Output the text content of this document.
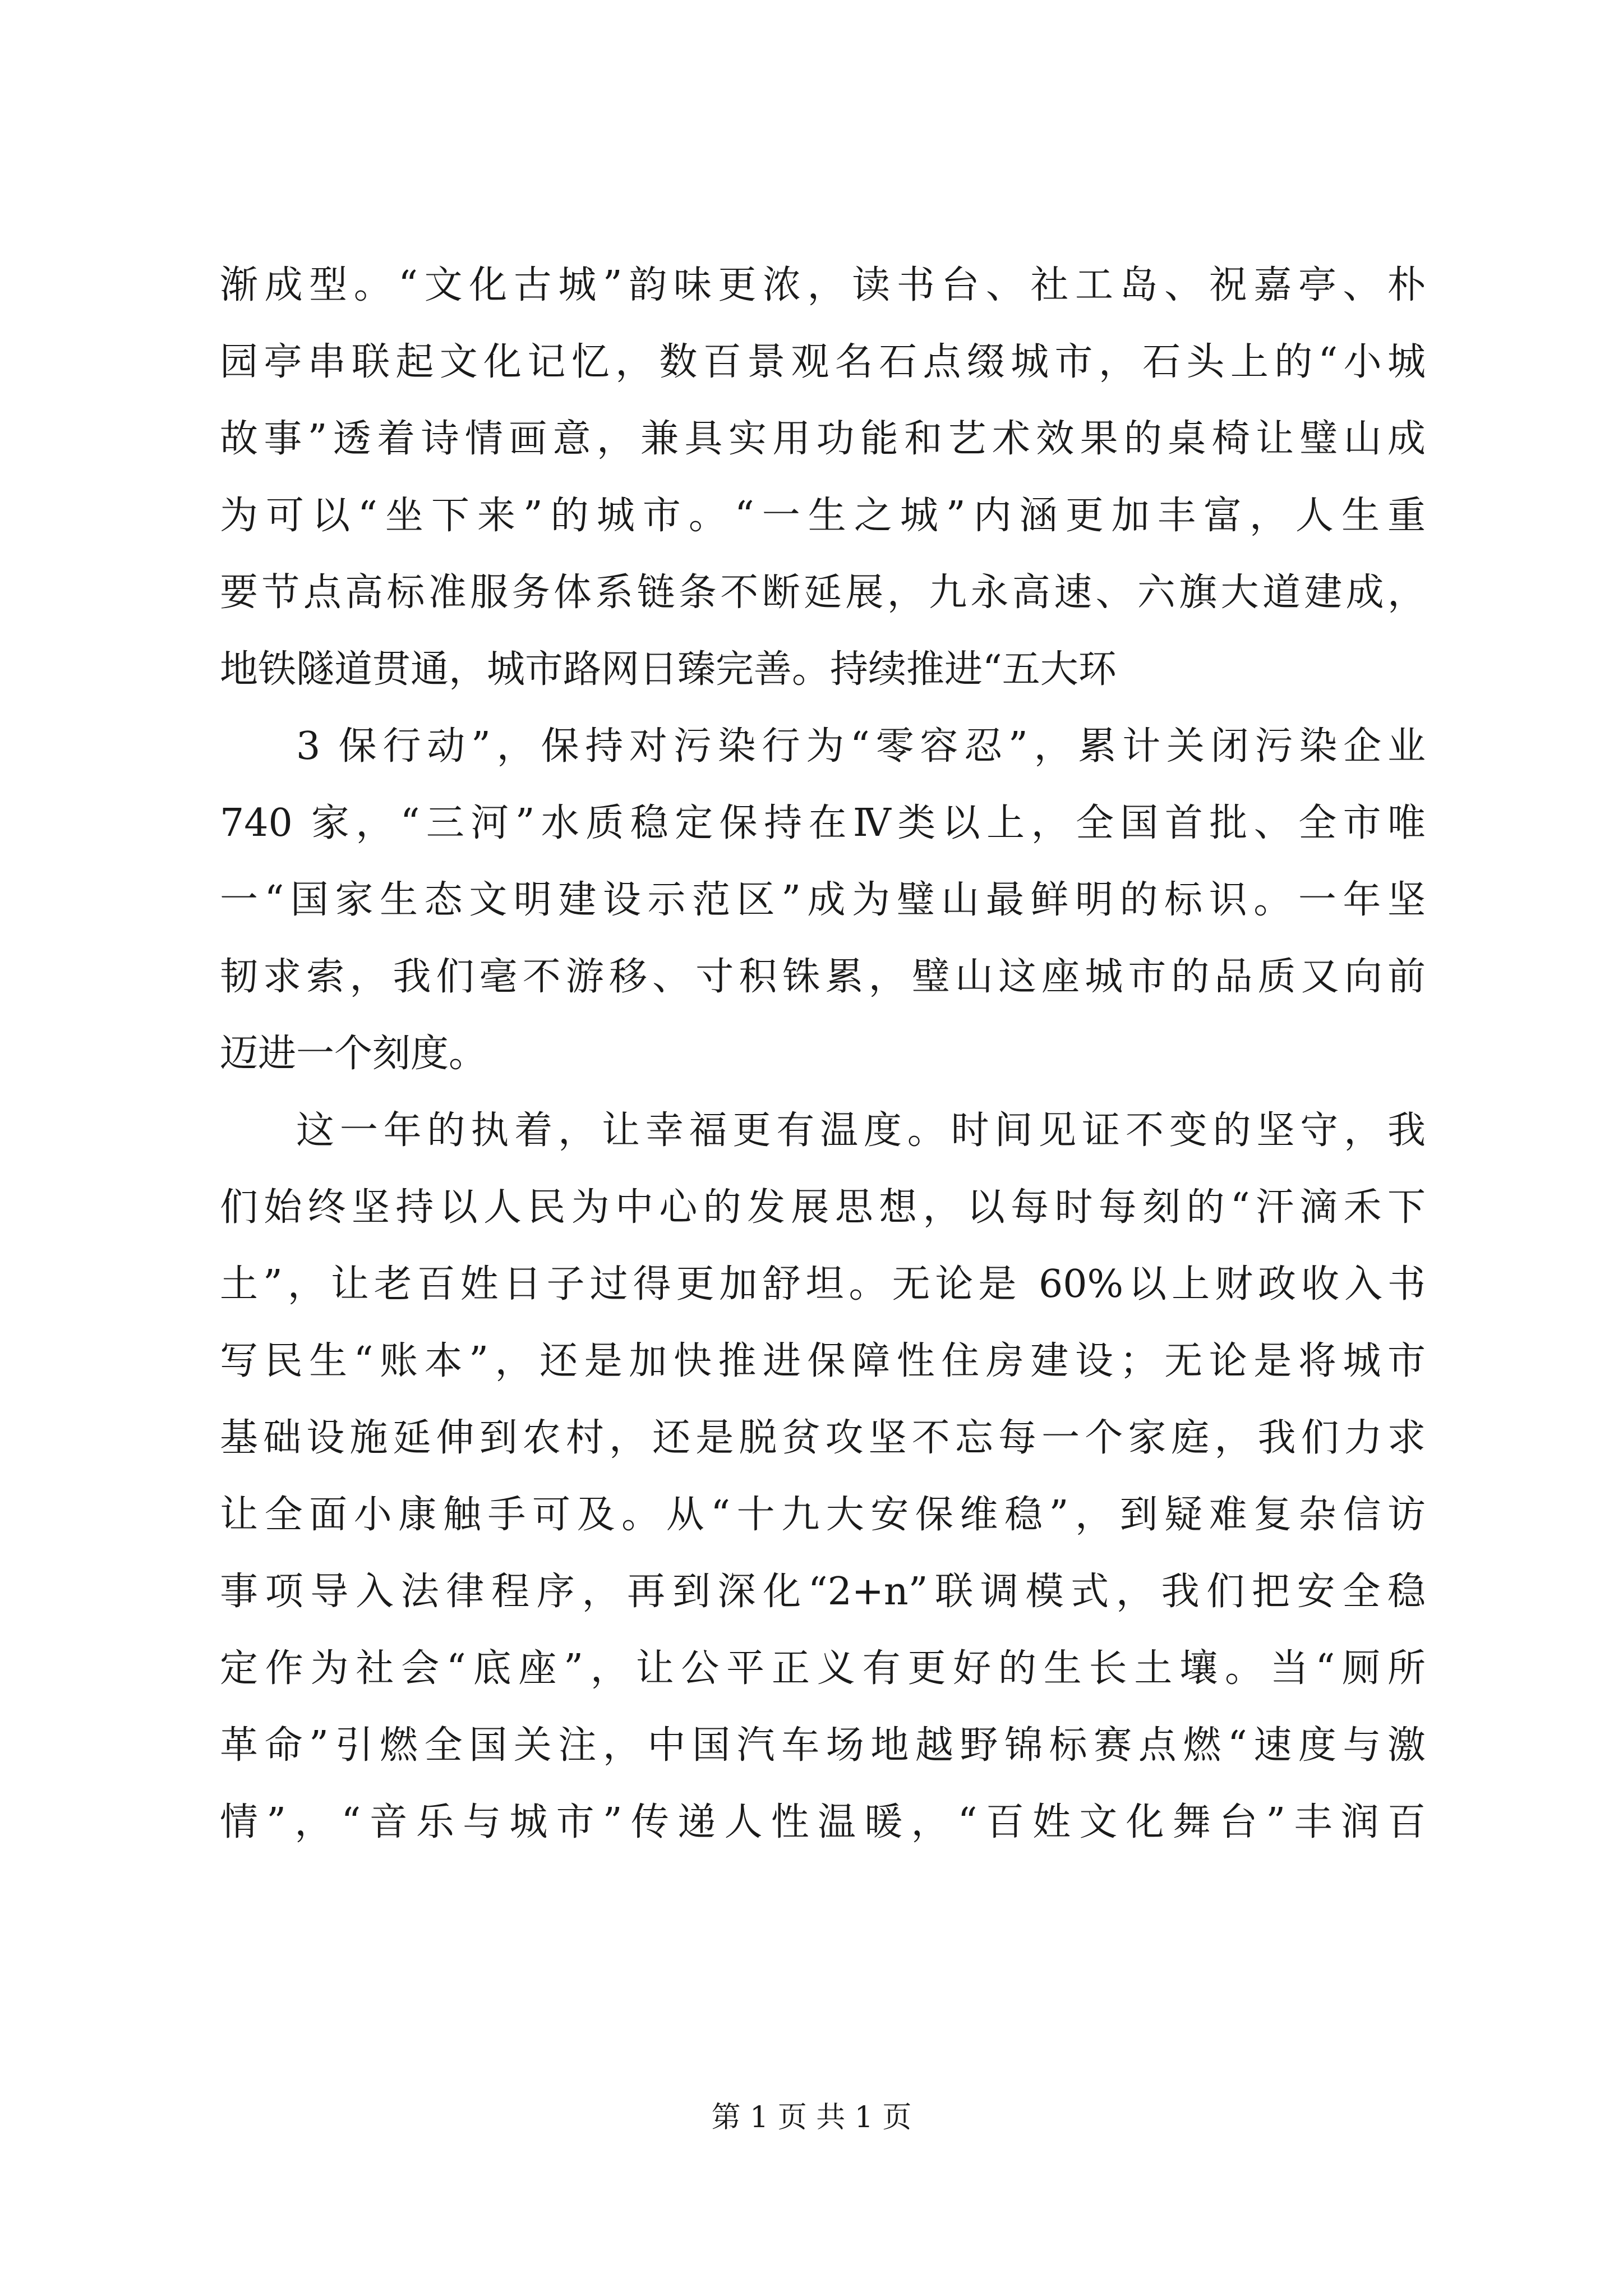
渐成型。“文化古城”韵味更浓，读书台、社工岛、祝嘉亭、朴
园亭串联起文化记忆，数百景观名石点缀城市，石头上的“小城
故事”透着诗情画意，兼具实用功能和艺术效果的桌椅让璧山成
为可以“坐下来”的城市。“一生之城”内涵更加丰富，人生重
要节点高标准服务体系链条不断延展，九永高速、六旗大道建成，
地铁隧道贯通，城市路网日臻完善。持续推进“五大环
3 保行动”，保持对污染行为“零容忍”，累计关闭污染企业
740 家，“三河”水质稳定保持在Ⅳ类以上，全国首批、全市唯
一“国家生态文明建设示范区”成为璧山最鲜明的标识。一年坚
韧求索，我们毫不游移、寸积铢累，璧山这座城市的品质又向前
迈进一个刻度。
这一年的执着，让幸福更有温度。时间见证不变的坚守，我
们始终坚持以人民为中心的发展思想，以每时每刻的“汗滴禾下
土”，让老百姓日子过得更加舒坦。无论是 60%以上财政收入书
写民生“账本”，还是加快推进保障性住房建设；无论是将城市
基础设施延伸到农村，还是脱贫攻坚不忘每一个家庭，我们力求
让全面小康触手可及。从“十九大安保维稳”，到疑难复杂信访
事项导入法律程序，再到深化“2+n”联调模式，我们把安全稳
定作为社会“底座”，让公平正义有更好的生长土壤。当“厕所
革命”引燃全国关注，中国汽车场地越野锦标赛点燃“速度与激
情”，“音乐与城市”传递人性温暖，“百姓文化舞台”丰润百
第 1 页 共 1 页
